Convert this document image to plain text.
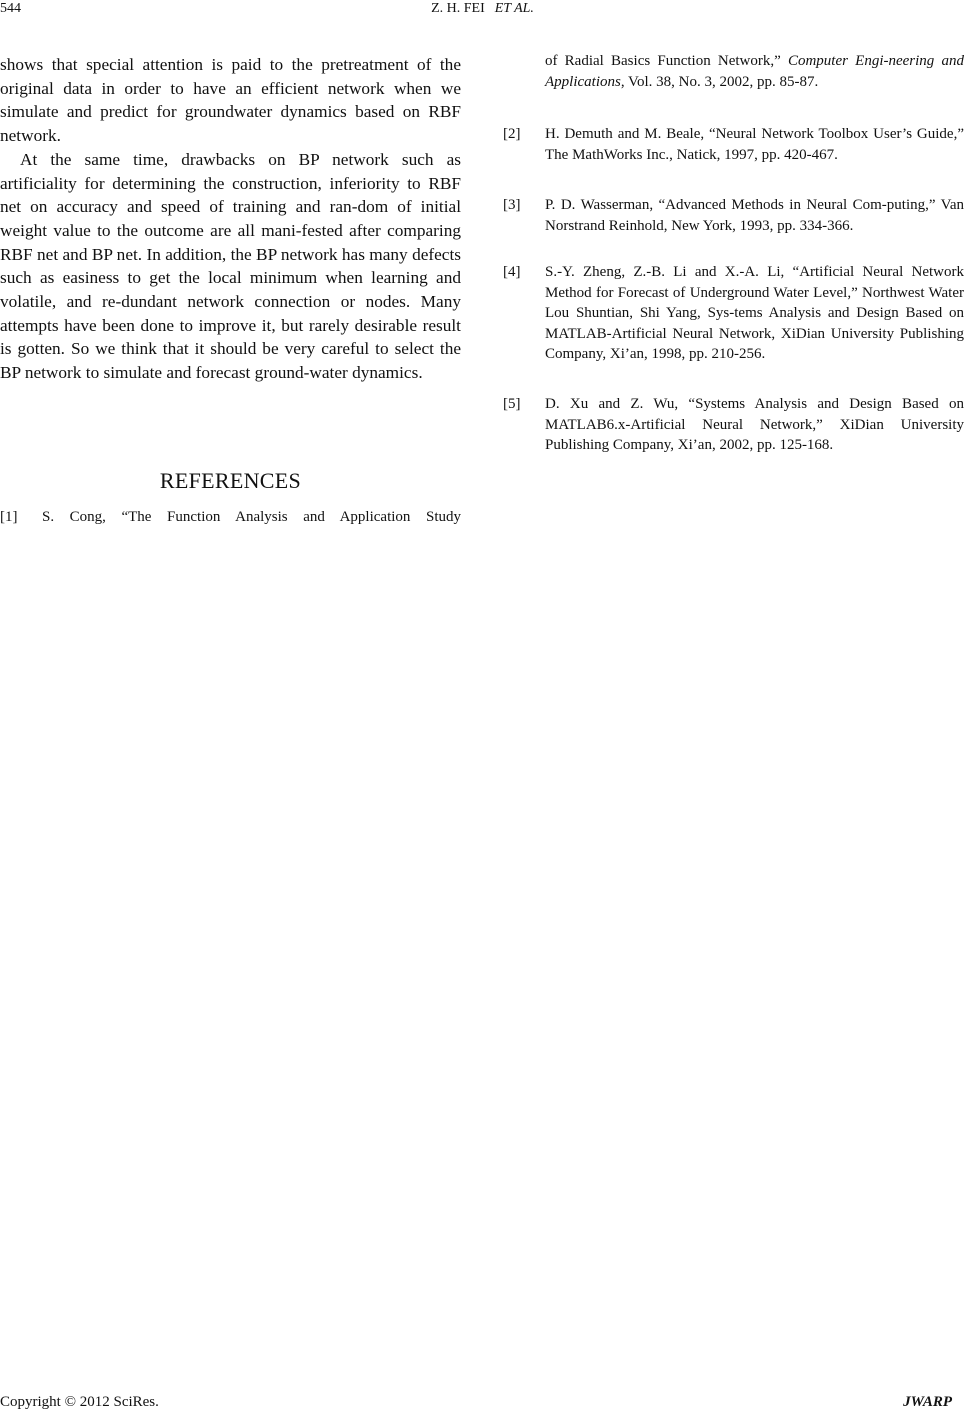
544	Z. H. FEI ET AL.

shows that special attention is paid to the pretreatment of the original data in order to have an efficient network when we simulate and predict for groundwater dynamics based on RBF network.

At the same time, drawbacks on BP network such as artificiality for determining the construction, inferiority to RBF net on accuracy and speed of training and ran-dom of initial weight value to the outcome are all mani-fested after comparing RBF net and BP net. In addition, the BP network has many defects such as easiness to get the local minimum when learning and volatile, and re-dundant network connection or nodes. Many attempts have been done to improve it, but rarely desirable result is gotten. So we think that it should be very careful to select the BP network to simulate and forecast ground-water dynamics.

REFERENCES
[1] S. Cong, “The Function Analysis and Application Study
of Radial Basics Function Network,” Computer Engi-neering and Applications, Vol. 38, No. 3, 2002, pp. 85-87.
[2] H. Demuth and M. Beale, “Neural Network Toolbox User’s Guide,” The MathWorks Inc., Natick, 1997, pp. 420-467.
[3] P. D. Wasserman, “Advanced Methods in Neural Com-puting,” Van Norstrand Reinhold, New York, 1993, pp. 334-366.
[4] S.-Y. Zheng, Z.-B. Li and X.-A. Li, “Artificial Neural Network Method for Forecast of Underground Water Level,” Northwest Water Lou Shuntian, Shi Yang, Sys-tems Analysis and Design Based on MATLAB-Artificial Neural Network, XiDian University Publishing Company, Xi’an, 1998, pp. 210-256.
[5] D. Xu and Z. Wu, “Systems Analysis and Design Based on MATLAB6.x-Artificial Neural Network,” XiDian University Publishing Company, Xi’an, 2002, pp. 125-168.
Copyright © 2012 SciRes.	JWARP
